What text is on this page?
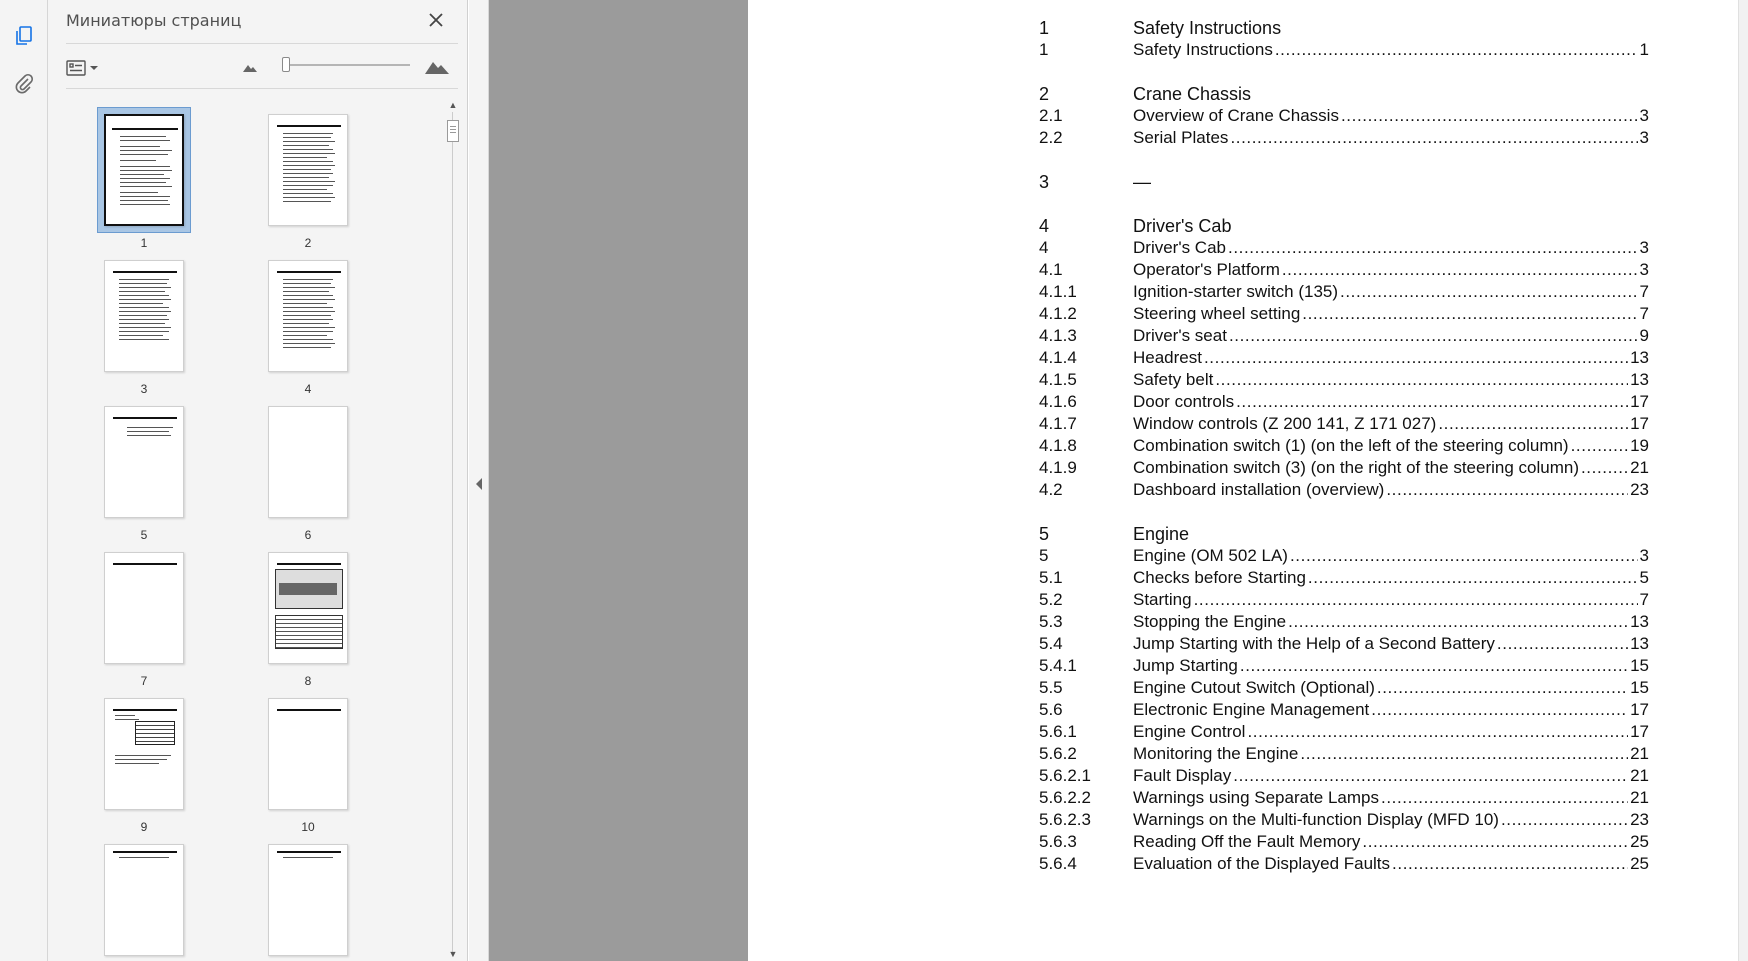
Миниатюры страниц
1	2
3	4
5	6
7	8
9	10
▲
▼
1	Safety Instructions
1	Safety Instructions .....	1
2	Crane Chassis
2.1	Overview of Crane Chassis .....	3
2.2	Serial Plates .....	3
3	—
4	Driver's Cab
4	Driver's Cab .....	3
4.1	Operator's Platform .....	3
4.1.1	Ignition-starter switch (135) .....	7
4.1.2	Steering wheel setting .....	7
4.1.3	Driver's seat .....	9
4.1.4	Headrest .....	13
4.1.5	Safety belt .....	13
4.1.6	Door controls .....	17
4.1.7	Window controls (Z 200 141, Z 171 027) .....	17
4.1.8	Combination switch (1) (on the left of the steering column) .....	19
4.1.9	Combination switch (3) (on the right of the steering column) .....	21
4.2	Dashboard installation (overview) .....	23
5	Engine
5	Engine (OM 502 LA) .....	3
5.1	Checks before Starting .....	5
5.2	Starting .....	7
5.3	Stopping the Engine .....	13
5.4	Jump Starting with the Help of a Second Battery .....	13
5.4.1	Jump Starting .....	15
5.5	Engine Cutout Switch (Optional) .....	15
5.6	Electronic Engine Management .....	17
5.6.1	Engine Control .....	17
5.6.2	Monitoring the Engine .....	21
5.6.2.1	Fault Display .....	21
5.6.2.2	Warnings using Separate Lamps .....	21
5.6.2.3	Warnings on the Multi-function Display (MFD 10) .....	23
5.6.3	Reading Off the Fault Memory .....	25
5.6.4	Evaluation of the Displayed Faults .....	25
